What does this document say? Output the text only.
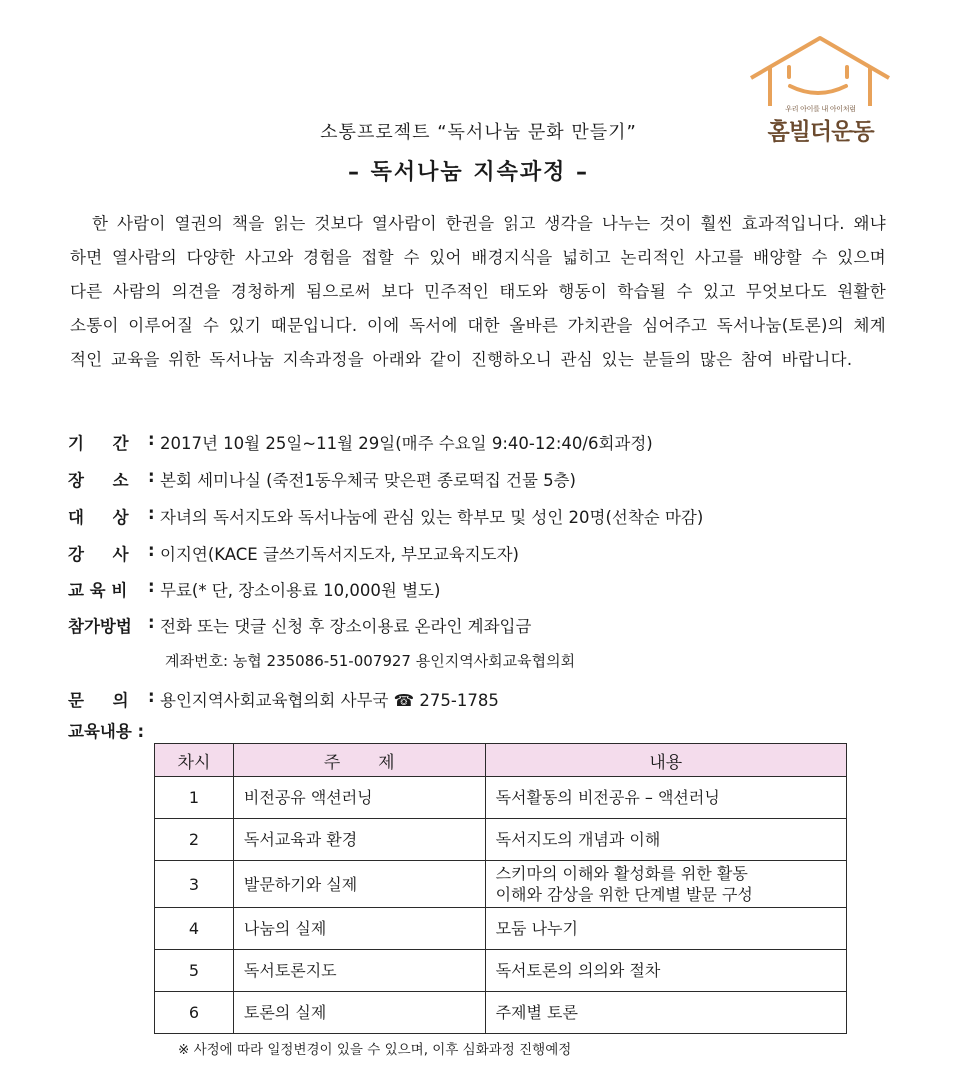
우리 아이를 내 아이처럼
홈빌더운동
소통프로젝트 “독서나눔 문화 만들기”
– 독서나눔 지속과정 –

한 사람이 열권의 책을 읽는 것보다 열사람이 한권을 읽고 생각을 나누는 것이 훨씬 효과적입니다. 왜냐하면 열사람의 다양한 사고와 경험을 접할 수 있어 배경지식을 넓히고 논리적인 사고를 배양할 수 있으며 다른 사람의 의견을 경청하게 됨으로써 보다 민주적인 태도와 행동이 학습될 수 있고 무엇보다도 원활한 소통이 이루어질 수 있기 때문입니다. 이에 독서에 대한 올바른 가치관을 심어주고 독서나눔(토론)의 체계적인 교육을 위한 독서나눔 지속과정을 아래와 같이 진행하오니 관심 있는 분들의 많은 참여 바랍니다.

기     간	: 2017년 10월 25일~11월 29일(매주 수요일 9:40-12:40/6회과정)
장     소	: 본회 세미나실 (죽전1동우체국 맞은편 종로떡집 건물 5층)
대     상	: 자녀의 독서지도와 독서나눔에 관심 있는 학부모 및 성인 20명(선착순 마감)
강     사	: 이지연(KACE 글쓰기독서지도자, 부모교육지도자)
교 육 비	: 무료(* 단, 장소이용료 10,000원 별도)
참가방법 : 전화 또는 댓글 신청 후 장소이용료 온라인 계좌입금
계좌번호: 농협 235086-51-007927 용인지역사회교육협의회
문     의	: 용인지역사회교육협의회 사무국 ☎ 275-1785
교육내용 :
차시	주       제	내용
1	비전공유 액션러닝	독서활동의 비전공유 – 액션러닝
2	독서교육과 환경	독서지도의 개념과 이해
3	발문하기와 실제	스키마의 이해와 활성화를 위한 활동
이해와 감상을 위한 단계별 발문 구성

4	나눔의 실제	모둠 나누기
5	독서토론지도	독서토론의 의의와 절차
6	토론의 실제	주제별 토론
※ 사정에 따라 일정변경이 있을 수 있으며, 이후 심화과정 진행예정
